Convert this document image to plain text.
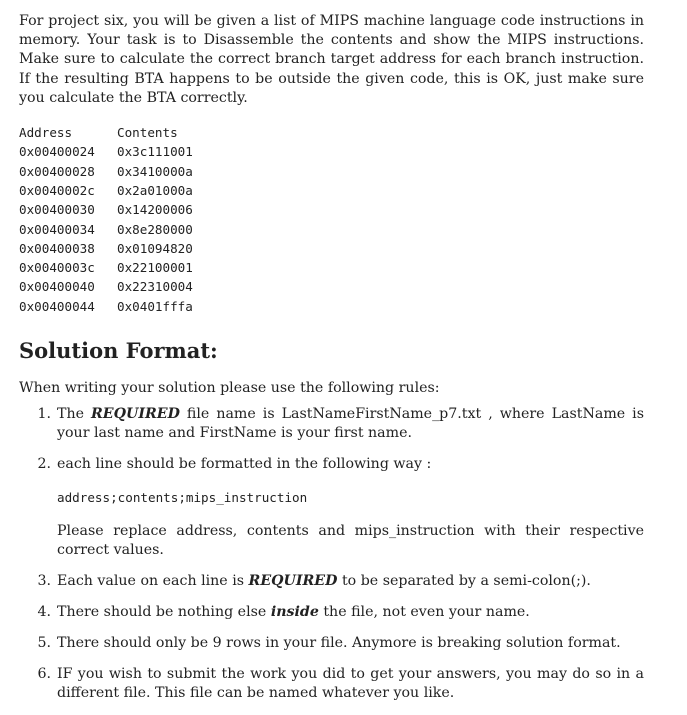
For project six, you will be given a list of MIPS machine language code instructions in memory. Your task is to Disassemble the contents and show the MIPS instructions. Make sure to calculate the correct branch target address for each branch instruction. If the resulting BTA happens to be outside the given code, this is OK, just make sure you calculate the BTA correctly.

Address	Contents
0x00400024	0x3c111001
0x00400028	0x3410000a
0x0040002c	0x2a01000a
0x00400030	0x14200006
0x00400034	0x8e280000
0x00400038	0x01094820
0x0040003c	0x22100001
0x00400040	0x22310004
0x00400044	0x0401fffa
Solution Format:

When writing your solution please use the following rules:

1. The REQUIRED file name is LastNameFirstName_p7.txt , where LastName is your last name and FirstName is your first name.
2. each line should be formatted in the following way :
address;contents;mips_instruction
Please replace address, contents and mips_instruction with their respective correct values.
3. Each value on each line is REQUIRED to be separated by a semi-colon(;).
4. There should be nothing else inside the file, not even your name.
5. There should only be 9 rows in your file. Anymore is breaking solution format.
6. IF you wish to submit the work you did to get your answers, you may do so in a different file. This file can be named whatever you like.
